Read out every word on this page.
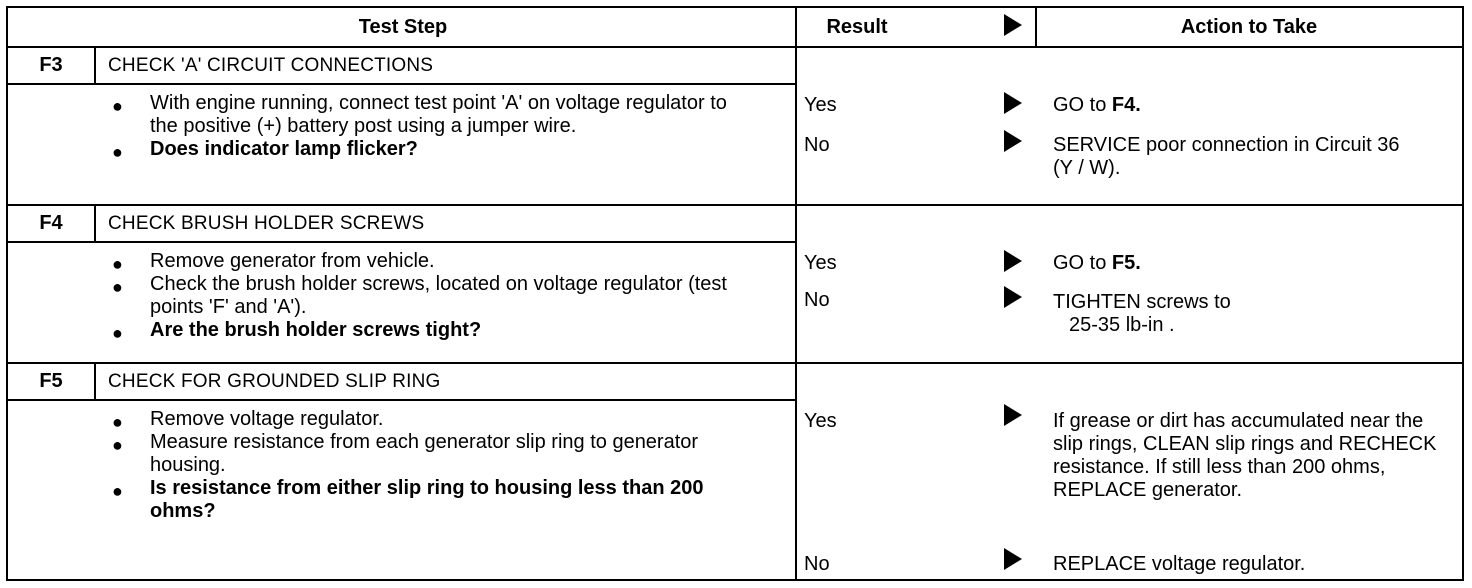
Test Step	Result	Action to Take
F3	CHECK 'A' CIRCUIT CONNECTIONS
● With engine running, connect test point 'A' on voltage regulator to the positive (+) battery post using a jumper wire.
● Does indicator lamp flicker?
Yes	GO to F4.
No	SERVICE poor connection in Circuit 36 (Y / W).
F4	CHECK BRUSH HOLDER SCREWS
● Remove generator from vehicle.
● Check the brush holder screws, located on voltage regulator (test points 'F' and 'A').
● Are the brush holder screws tight?
Yes	GO to F5.
No	TIGHTEN screws to
25-35 lb-in .
F5	CHECK FOR GROUNDED SLIP RING
● Remove voltage regulator.
● Measure resistance from each generator slip ring to generator housing.
● Is resistance from either slip ring to housing less than 200 ohms?
Yes	If grease or dirt has accumulated near the slip rings, CLEAN slip rings and RECHECK resistance. If still less than 200 ohms, REPLACE generator.
No	REPLACE voltage regulator.
